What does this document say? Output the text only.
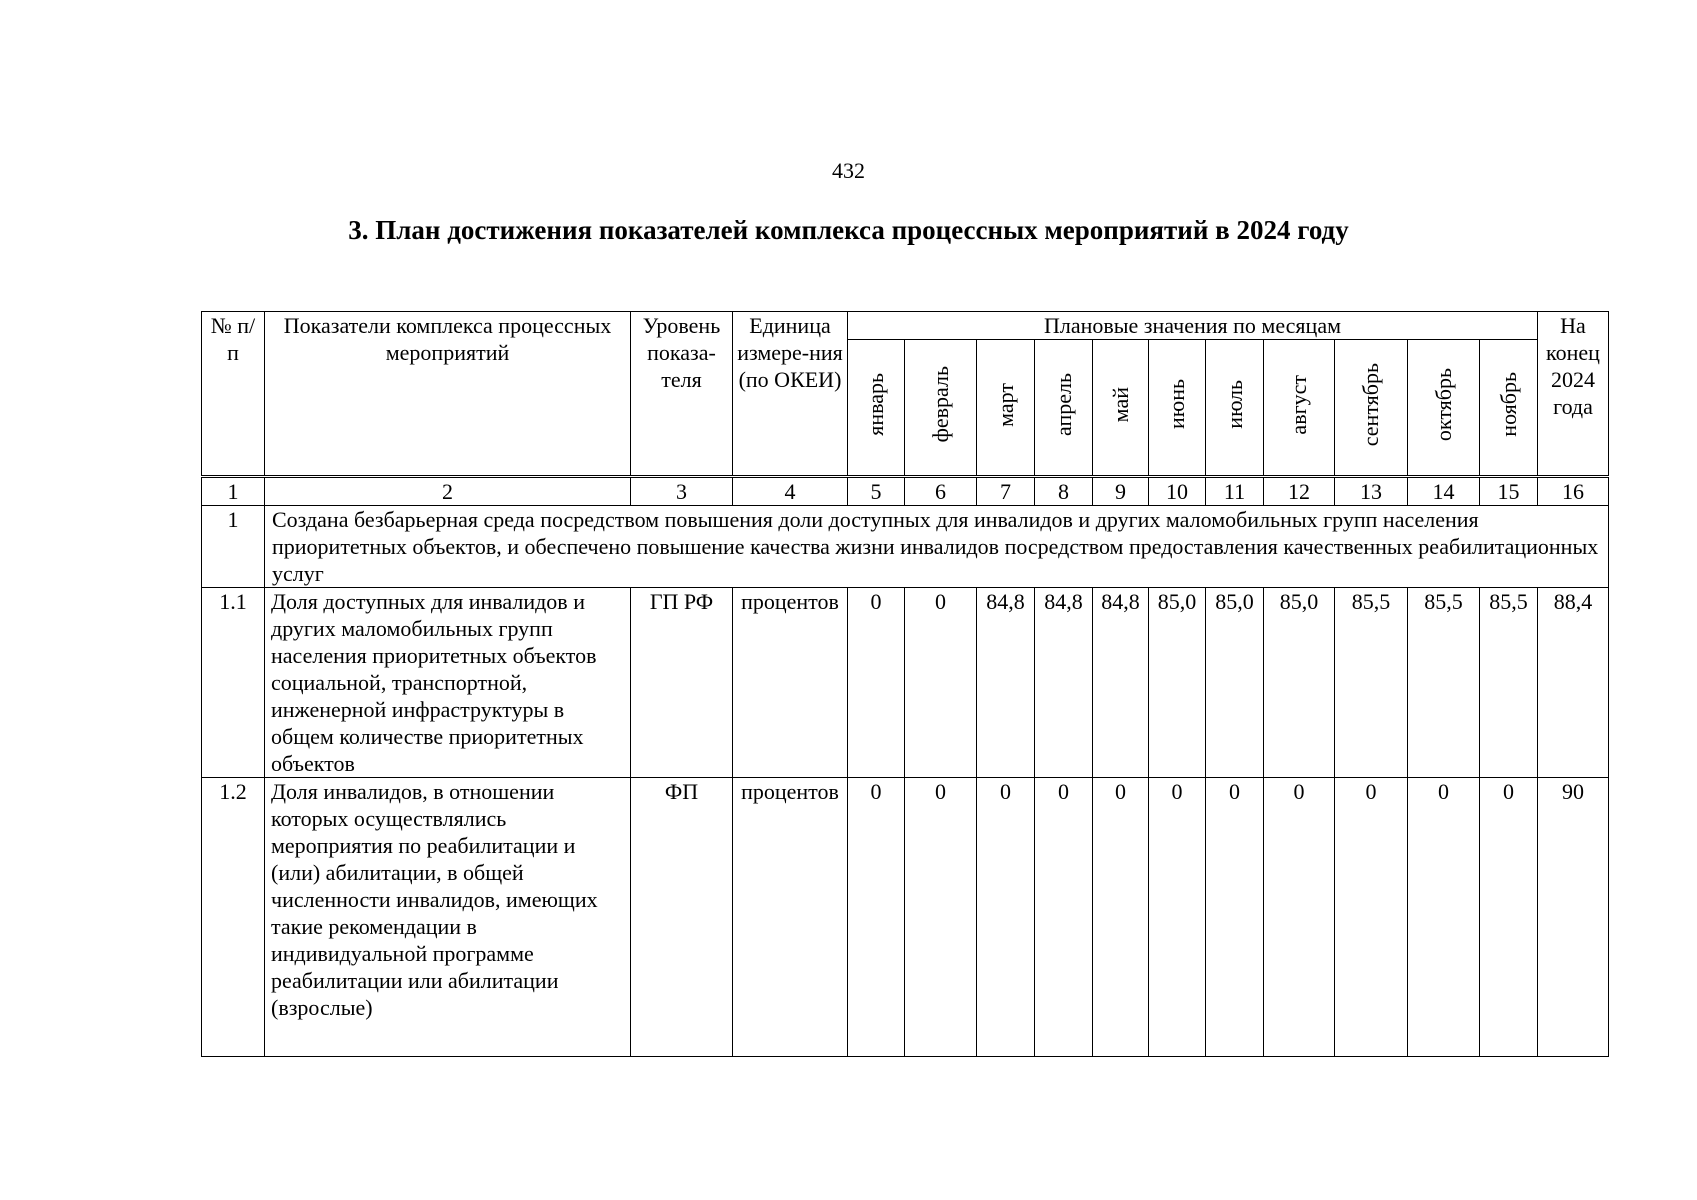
432
3. План достижения показателей комплекса процессных мероприятий в 2024 году
№ п/п	Показатели комплекса процессных мероприятий	Уровень показа-теля	Единица измере-ния (по ОКЕИ)	Плановые значения по месяцам											На конец 2024 года
				январь	февраль	март	апрель	май	июнь	июль	август	сентябрь	октябрь	ноябрь	
1	2	3	4	5	6	7	8	9	10	11	12	13	14	15	16
1	Создана безбарьерная среда посредством повышения доли доступных для инвалидов и других маломобильных групп населения приоритетных объектов, и обеспечено повышение качества жизни инвалидов посредством предоставления качественных реабилитационных услуг														
1.1	Доля доступных для инвалидов и других маломобильных групп населения приоритетных объектов социальной, транспортной, инженерной инфраструктуры в общем количестве приоритетных объектов	ГП РФ	процентов	0	0	84,8	84,8	84,8	85,0	85,0	85,0	85,5	85,5	85,5	88,4
1.2	Доля инвалидов, в отношении которых осуществлялись мероприятия по реабилитации и (или) абилитации, в общей численности инвалидов, имеющих такие рекомендации в индивидуальной программе реабилитации или абилитации (взрослые)	ФП	процентов	0	0	0	0	0	0	0	0	0	0	0	90
